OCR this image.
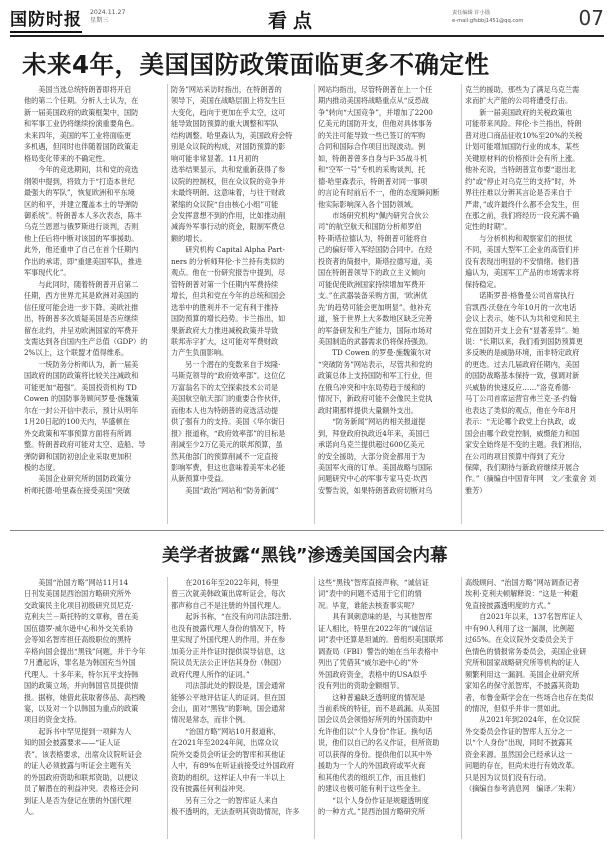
国防时报 2024.11.27
星期三	看点	责任编辑 许小锚
e-mail:gfsbbj1451@qq.com	07
未来4年，美国国防政策面临更多不确定性
　　美国当选总统特朗普即将开启
他的第二个任期。分析人士认为，在
新一届美国政府的政策框架中，国防
和军事工业仍将继续扮演重要角色。
未来四年，美国的军工业将面临更
多机遇，但同时也伴随着国防政策走
格局变化带来的不确定性。
　　今年的竞选期间，共和党的竞选
纲领中提到，将致力于“打造本世纪
最强大的军队”，恢复欧洲和平东境
区的和平，并建立覆盖本土的导弹防
御系统”。特朗普本人多次表态，陈丰
乌克兰恩恩与俄罗斯进行谈判，否则
他上任后将中断对该国的军事援助。
此外，他还重申了自己在首个任期内
作出的承诺，即“重建美国军队，推进
军事现代化”。
　　与此同时，随着特朗普开启第二
任期，西方世界尤其是欧洲对美国的
信任度可能会进一步下降。美欧社推
出，特朗普多次质疑美国是否应继续
留在北约，并呈劝欧洲国家的军费开
支需达到各自国内生产总值（GDP）的
2%以上，这个联盟才值得维系。
　　一统防务分析师认为，新一届美
国政府的国防政策将比较关注减政和
可能更加“超强”。美国投资机构 TD
Cowen 的国防事务顾问罗曼·施魏策
尔在一封公开信中表示，预计从明年
1月20日起的100天内，华盛顿在
外交政策和军事预算方面将有所调
整。特朗普政府可能对太空、造船、导
弹防御和国防初创企业采取更加积
极的态度。
　　美国企业研究所的国防政策分
析师托德·哈里森在接受美国“突破
防务”网站采访时指出，在特朗普的
领导下，美国在战略层面上将发生巨
大变化，趋向于更加在乎太空，这可
能导致国防预算的重大调整和军队
结构调整。哈里森认为，美国政府会特
别是众议院的构成，对国防预算的影
响可能非常显著。11月初的
选举结果显示，共和党重新获得了参
议院的控制权，但在众议院的竞争并
未最终明朗。这意味着，与往干财政
紧缩的众议院“自由核心小组”可能
会发挥意想不到的作用，比如推动削
减海外军事行动的资金，限制军费总
额的增长。
　　研究机构 Capital Alpha Part-
ners 的分析师拜伦·卡兰持有类似的
观点。他在一份研究报告中提到，尽
管特朗普对第一个任期内军费持续
增长，但共和党在今年的总统和国会
选举中的胜利并不一定有利于推持
国防预算的增长趋势。卡兰指出，如
果新政府大力推进减税政策并导致
联邦赤字扩大，这可能对军费财政
力产生负面影响。
　　另一个潜在的变数来自于埃隆·
马斯克领导的“政府效率部”。这位亿
万富翁名下的太空探索技术公司是
美国航空航天部门的重要合作伙伴，
而他本人也为特朗普的竞选活动提
供了强有力的支持。美国《华尔街日
报》报道称，“政府效率部”的目标是
削减至少2万亿美元的联邦预算，虽
然其他部门的预算削减不一定直接
影响军费，但这也意味着美军未必能
从新预算中受益。
　　美国“政治”网站和“防务新闻”
网站均指出，尽管特朗普在上一个任
期内推动美国将战略重点从“反恐战
争”转向“大国竞争”，并增加了2200
亿美元的国防开支，但他对具体事务
的关注可能导致一些已签订的军购
合同和国际合作项目出现波动。例
如，特朗普曾多自身与F-35战斗机
和“空军一号”专机的采购谈判，托
德·哈里森表示，特朗普对同一事项
的言论有时前后不一，他的态度瞬间断
他实际影响深入各个国防领域。
　　市场研究机构“佩内研究合伙公
司”的航空航天和国防分析师罗伯
特·斯塔拉德认为，特朗普可能将自
己的偏好带入军经国防合同中。在经
投资者的简报中，斯塔拉德写道，美
国在特朗普领导下的政立主义倾向
可能促使欧洲国家持续增加军费开
支。”在武器装备采购方面，‘欧洲优
先’的趋势可能会更加明显”。他补充
道，鉴于世界上大多数地区缺乏完善
的军备研发和生产能力，国际市场对
美国制造的武器需求仍将保持强劲。
　　TD Cowen 的罗曼·施魏策尔对
“突破防务”网站表示，尽管共和党的
政策总体上支持国防和军工行业，但
在俄乌冲突和中东局势趋于缓和的
情况下，新政府可能不会像民主党执
政时期那样提供大量额外支出。
　　“防务新闻”网站的相关报道提
到，拜登政府执政近4年来，美国已
承诺向乌克兰提供超过600亿美元
的安全援助，大部分资金都用于为
美国军火商的订单。美国战略与国际
问题研究中心的军事专家马克·坎西
安警告说，如果特朗普政府切断对乌
克兰的援助，那些为了满足乌克兰需
求而扩大产能的公司将遭受打击。
　　新一届美国政府的关税政策也
可能带来风险。拜伦·卡兰指出，特朗
普对进口商品征收10%至20%的关税
计划可能增加国防行业的成本，某些
关键原材料的价格预计会有所上涨。
他补充说，当特朗普宣布要“退出北
约”或“停止对乌克兰的支持”时，外
界往往难以分辨其言论是否来自于
严肃，”或许最终什么都不会发生，但
在那之前，我们将经历一段充满不确
定性的时期”。
　　与分析机构和观察家们的担忧
不同，美国大型军工企业的高管们并
没有表现出明显的不安情绪。他们普
遍认为，美国军工产品的市场需求将
保持稳定。
　　诺斯罗普·格鲁曼公司首席执行
官凯西·沃登在今年10月的一次电话
会议上表示，她不认为共和党和民主
党在国防开支上会有“显著差异”。她
说：“长期以来，我们看到国防预算更
多反映的是威胁环境，而非特定政府
的更迭。过去几届政府任期内，美国
的国防战略基本保持一致，强调对新
兴威胁的快速反应……”洛克希德·
马丁公司首席运营官弗兰克·圣·约翰
也表达了类似的观点，他在今年8月
表示：“无论哪个政党上台执政，或
国会由哪个政党控制，威慑能力和国
家安全始终是不变的主题。我们相信，
在公司的项目预算中得到了充分
保障，我们期待与新政府继续开展合
作。”（摘编自中国青年网　文／张童舍 刘
雅芳）
美学者披露“黑钱”渗透美国国会内幕
　　美国“治国方略”网站11月14
日刊发美国昆西治国方略研究所外
交政策民主化项目初级研究员尼克·
克利夫兰－斯托特的文章称，曾在美
国伍德罗·威尔逊中心和外交关系协
会等知名智库担任高级职位的黑特
辛格向国会提出“黑钱”问题，并于今年
7月遭起诉，罪名是为韩国充当外国
代理人。十多年来，特尔瓦平支持韩
国的政策立场，并向韩国官员提供情
报。据称，她借此获取奢侈品、高档晚
宴，以及对一个以韩国为重点的政策
项目的资金支持。
　　起诉书中罕见提到一项鲜为人
知的国会披露要求——“证人证
表”。该表格要求，出席众议院听证会
的证人必须披露与听证会主题有关
的外国政府资助和联邦资助，以便议
员了解潜在的利益冲突。表格还会问
到证人是否为登记在册的外国代理
人。
　　在2016年至2022年间，特里
曾三次就美韩政策出席听证会，每次
都声称自己不是注册的外国代理人。
　　起诉书称，“在没有向司法部注册、
也没有披露代理人身份的情况下，特
里实现了外国代理人的作用，并在参
加美分正并作证时提供误导信息，这
院议员无法公正评估其身份（韩国）
政府代理人所作的证词。”
　　司法部此处的假设是，国会通常
能够公平地评估证人的证词。但在国
会山，面对“黑钱”的影响，国会通常
情况是常态，而非个例。
　　“治国方略”网站10月报道称，
在2021年至2024年间，出席众议
院外交委员会听证会的智库和其他证
人中，有89%在听证前接受过外国政府
资助的组织。这样证人中有一半以上
没有披露任何利益冲突。
　　另有三分之一的智库证人来自
极不透明的，无法查明其资助情况，许多
这些“黑钱”智库直接声称，“诚信证
词”表中的问题不适用于它们的情
况。毕竟，谁能去核查事实呢？
　　具有讽刺意味的是，与其他智库
证人相比，特里在2022年的“诚信证
词”表中还算是坦诚的。曾组织美国联邦
调查局（FBI）警告的她在当年表格中
列出了凭借其“威尔逊中心的”外
外国政府资金，表格中的USA似乎
没有列出的资助金额细节。
　　这种普遍缺乏透明度的情况是
当前系统的特征，而不是疏漏。从美国
国会议员会领悟好所列的外国资助中
允许他们以“个人身份”作证。换句话
说，他们以自己的名义作证，但所资助
可以获得的身份。提供他们以其中外
援助为一个人的外国政府或军火商
和其他代表的组织工作，而且他们
的建议也极可能有利于这些金主。
　　“以个人身份作证是规避透明度
的一种方式。”昆西治国方略研究所
高级顾问、“治国方略”网站调查记者
埃利·克利夫顿解释说：“这是一种避
免直接披露透明度的方式。”
　　自2021年以来，137名智库证人
中有90人利用了这一漏洞，比例超
过65%。在众议院外交委员会关于
色情色的情报常务委员会，美国企业研
究所和国家战略研究所等机构的证人
频繁利用这一漏洞。美国企业研究所
家知名的保守派智库，不披露其资助
者，布鲁金斯学会在一些场合也存在类似
的情况，但似乎并非一贯如此。
　　从2021年到2024年，在众议院
外交委员会作证的智库人五分之一
以“个人身份”出现，同时不披露其
资金来源。虽然国会已经承认这一
问题的存在，但尚未进行有效改革。
只是因为议员们没有行动。
（摘编自参考消息网　编译／朱莉）
